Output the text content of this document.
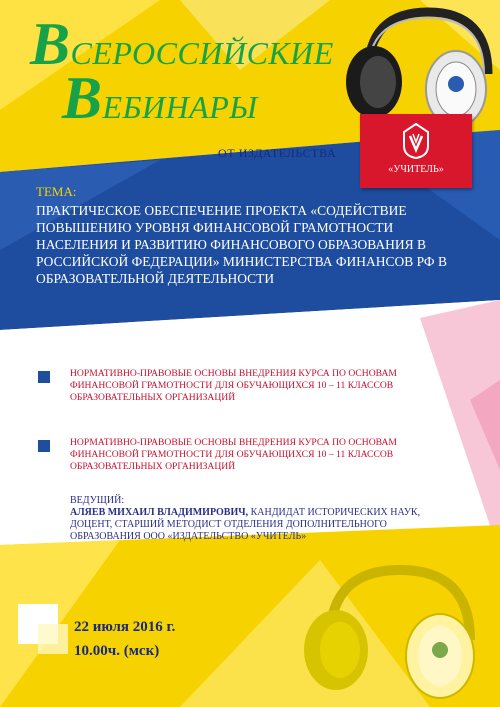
ВСЕРОССИЙСКИЕ
ВЕБИНАРЫ
ОТ ИЗДАТЕЛЬСТВА
«УЧИТЕЛЬ»
ТЕМА:
ПРАКТИЧЕСКОЕ ОБЕСПЕЧЕНИЕ ПРОЕКТА «СОДЕЙСТВИЕ ПОВЫШЕНИЮ УРОВНЯ ФИНАНСОВОЙ ГРАМОТНОСТИ НАСЕЛЕНИЯ И РАЗВИТИЮ ФИНАНСОВОГО ОБРАЗОВАНИЯ В РОССИЙСКОЙ ФЕДЕРАЦИИ» МИНИСТЕРСТВА ФИНАНСОВ РФ В ОБРАЗОВАТЕЛЬНОЙ ДЕЯТЕЛЬНОСТИ
НОРМАТИВНО-ПРАВОВЫЕ ОСНОВЫ ВНЕДРЕНИЯ КУРСА ПО ОСНОВАМ ФИНАНСОВОЙ ГРАМОТНОСТИ ДЛЯ ОБУЧАЮЩИХСЯ 10 – 11 КЛАССОВ ОБРАЗОВАТЕЛЬНЫХ ОРГАНИЗАЦИЙ
НОРМАТИВНО-ПРАВОВЫЕ ОСНОВЫ ВНЕДРЕНИЯ КУРСА ПО ОСНОВАМ ФИНАНСОВОЙ ГРАМОТНОСТИ ДЛЯ ОБУЧАЮЩИХСЯ 10 – 11 КЛАССОВ ОБРАЗОВАТЕЛЬНЫХ ОРГАНИЗАЦИЙ
ВЕДУЩИЙ:
АЛЯЕВ МИХАИЛ ВЛАДИМИРОВИЧ, КАНДИДАТ ИСТОРИЧЕСКИХ НАУК, ДОЦЕНТ, СТАРШИЙ МЕТОДИСТ ОТДЕЛЕНИЯ ДОПОЛНИТЕЛЬНОГО ОБРАЗОВАНИЯ ООО «ИЗДАТЕЛЬСТВО «УЧИТЕЛЬ»
22 июля 2016 г.
10.00ч. (мск)
